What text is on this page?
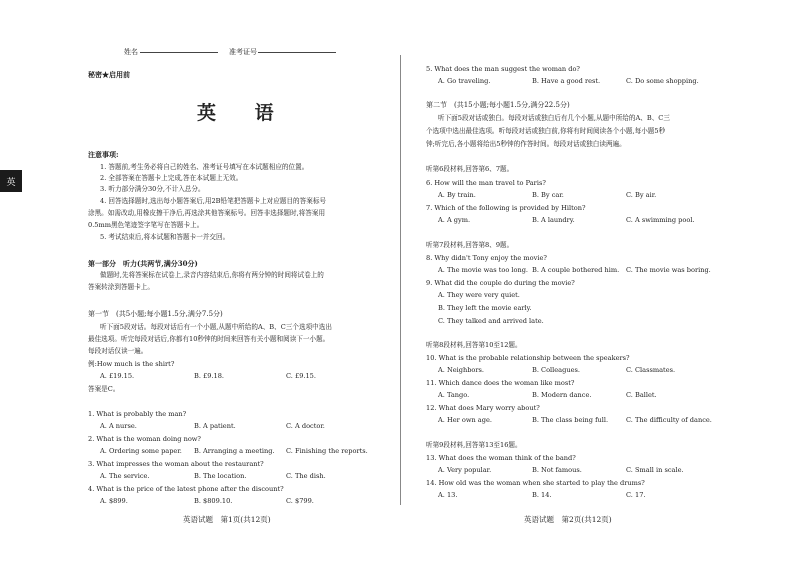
英
姓名	准考证号
秘密★启用前
英 语
注意事项:
1. 答题前,考生务必将自己的姓名、准考证号填写在本试题相应的位置。
2. 全部答案在答题卡上完成,答在本试题上无效。
3. 听力部分满分30分,不计入总分。
4. 回答选择题时,选出每小题答案后,用2B铅笔把答题卡上对应题目的答案标号
涂黑。如需改动,用橡皮擦干净后,再选涂其他答案标号。回答非选择题时,将答案用
0.5mm黑色笔迹签字笔写在答题卡上。
5. 考试结束后,将本试题和答题卡一并交回。
第一部分　听力(共两节,满分30分)
做题时,先将答案标在试卷上,录音内容结束后,你将有两分钟的时间将试卷上的
答案转涂到答题卡上。
第一节　(共5小题;每小题1.5分,满分7.5分)
听下面5段对话。每段对话后有一个小题,从题中所给的A、B、C三个选项中选出
最佳选项。听完每段对话后,你都有10秒钟的时间来回答有关小题和阅读下一小题。
每段对话仅读一遍。
例:How much is the shirt?
A. £19.15.	B. £9.18.	C. £9.15.
答案是C。
1. What is probably the man?
A. A nurse.	B. A patient.	C. A doctor.
2. What is the woman doing now?
A. Ordering some paper. B. Arranging a meeting. C. Finishing the reports.
3. What impresses the woman about the restaurant?
A. The service.	B. The location.	C. The dish.
4. What is the price of the latest phone after the discount?
A. $899.	B. $809.10.	C. $799.
英语试题　第1页(共12页)
5. What does the man suggest the woman do?
A. Go traveling.	B. Have a good rest.	C. Do some shopping.
第二节　(共15小题;每小题1.5分,满分22.5分)
听下面5段对话或独白。每段对话或独白后有几个小题,从题中所给的A、B、C三
个选项中选出最佳选项。听每段对话或独白前,你将有时间阅读各个小题,每小题5秒
钟;听完后,各小题将给出5秒钟的作答时间。每段对话或独白读两遍。
听第6段材料,回答第6、7题。
6. How will the man travel to Paris?
A. By train.	B. By car.	C. By air.
7. Which of the following is provided by Hilton?
A. A gym.	B. A laundry.	C. A swimming pool.
听第7段材料,回答第8、9题。
8. Why didn't Tony enjoy the movie?
A. The movie was too long. B. A couple bothered him. C. The movie was boring.
9. What did the couple do during the movie?
A. They were very quiet.
B. They left the movie early.
C. They talked and arrived late.
听第8段材料,回答第10至12题。
10. What is the probable relationship between the speakers?
A. Neighbors.	B. Colleagues.	C. Classmates.
11. Which dance does the woman like most?
A. Tango.	B. Modern dance.	C. Ballet.
12. What does Mary worry about?
A. Her own age.	B. The class being full.	C. The difficulty of dance.
听第9段材料,回答第13至16题。
13. What does the woman think of the band?
A. Very popular.	B. Not famous.	C. Small in scale.
14. How old was the woman when she started to play the drums?
A. 13.	B. 14.	C. 17.
英语试题　第2页(共12页)
